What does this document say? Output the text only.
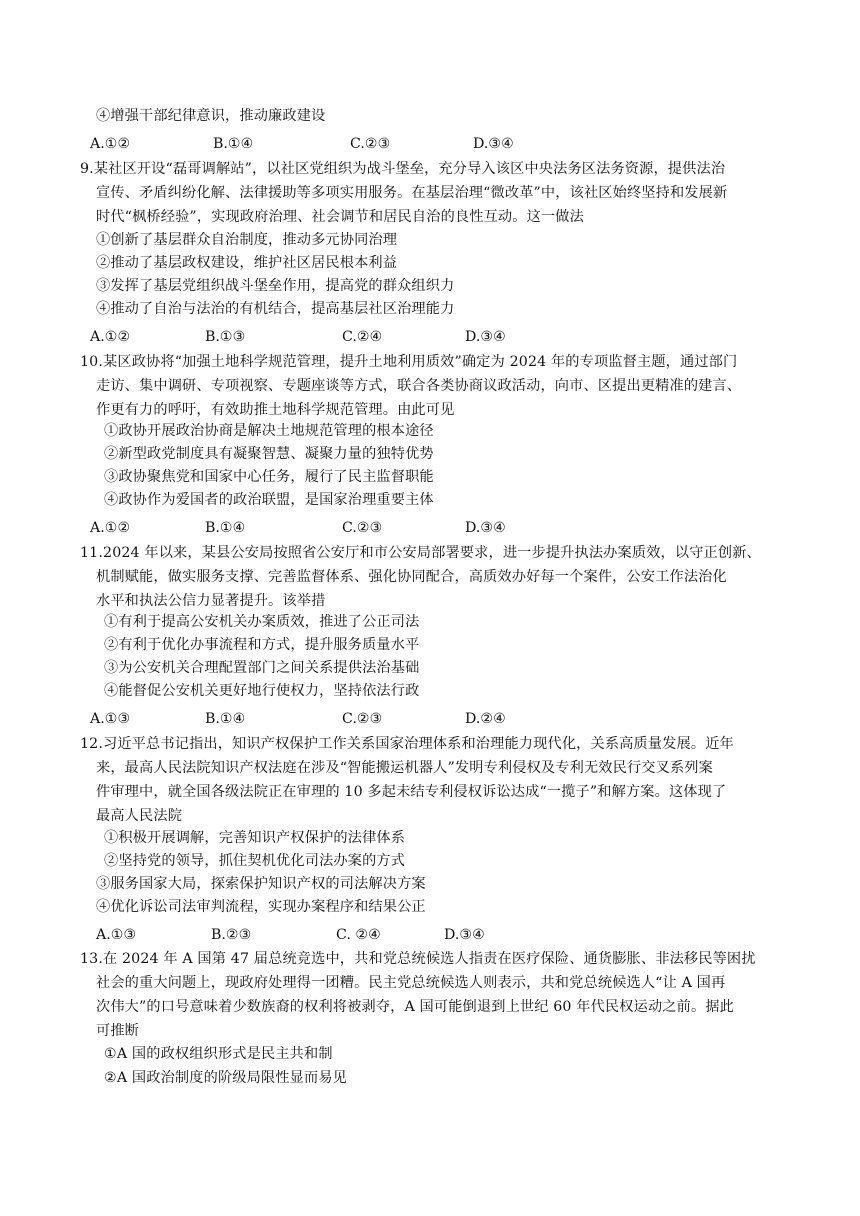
④增强干部纪律意识，推动廉政建设
A.①②	B.①④	C.②③	D.③④
9.某社区开设“磊哥调解站”，以社区党组织为战斗堡垒，充分导入该区中央法务区法务资源，提供法治
宣传、矛盾纠纷化解、法律援助等多项实用服务。在基层治理“微改革”中，该社区始终坚持和发展新
时代“枫桥经验”，实现政府治理、社会调节和居民自治的良性互动。这一做法
①创新了基层群众自治制度，推动多元协同治理
②推动了基层政权建设，维护社区居民根本利益
③发挥了基层党组织战斗堡垒作用，提高党的群众组织力
④推动了自治与法治的有机结合，提高基层社区治理能力
A.①②	B.①③	C.②④	D.③④
10.某区政协将“加强土地科学规范管理，提升土地利用质效”确定为 2024 年的专项监督主题，通过部门
走访、集中调研、专项视察、专题座谈等方式，联合各类协商议政活动，向市、区提出更精准的建言、
作更有力的呼吁，有效助推土地科学规范管理。由此可见
①政协开展政治协商是解决土地规范管理的根本途径
②新型政党制度具有凝聚智慧、凝聚力量的独特优势
③政协聚焦党和国家中心任务，履行了民主监督职能
④政协作为爱国者的政治联盟，是国家治理重要主体
A.①②	B.①④	C.②③	D.③④
11.2024 年以来，某县公安局按照省公安厅和市公安局部署要求，进一步提升执法办案质效，以守正创新、
机制赋能，做实服务支撑、完善监督体系、强化协同配合，高质效办好每一个案件，公安工作法治化
水平和执法公信力显著提升。该举措
①有利于提高公安机关办案质效，推进了公正司法
②有利于优化办事流程和方式，提升服务质量水平
③为公安机关合理配置部门之间关系提供法治基础
④能督促公安机关更好地行使权力，坚持依法行政
A.①③	B.①④	C.②③	D.②④
12.习近平总书记指出，知识产权保护工作关系国家治理体系和治理能力现代化，关系高质量发展。近年
来，最高人民法院知识产权法庭在涉及“智能搬运机器人”发明专利侵权及专利无效民行交叉系列案
件审理中，就全国各级法院正在审理的 10 多起未结专利侵权诉讼达成“一揽子”和解方案。这体现了
最高人民法院
①积极开展调解，完善知识产权保护的法律体系
②坚持党的领导，抓住契机优化司法办案的方式
③服务国家大局，探索保护知识产权的司法解决方案
④优化诉讼司法审判流程，实现办案程序和结果公正
A.①③	B.②③	C. ②④	D.③④
13.在 2024 年 A 国第 47 届总统竞选中，共和党总统候选人指责在医疗保险、通货膨胀、非法移民等困扰
社会的重大问题上，现政府处理得一团糟。民主党总统候选人则表示，共和党总统候选人“让 A 国再
次伟大”的口号意味着少数族裔的权利将被剥夺，A 国可能倒退到上世纪 60 年代民权运动之前。据此
可推断
①A 国的政权组织形式是民主共和制
②A 国政治制度的阶级局限性显而易见
